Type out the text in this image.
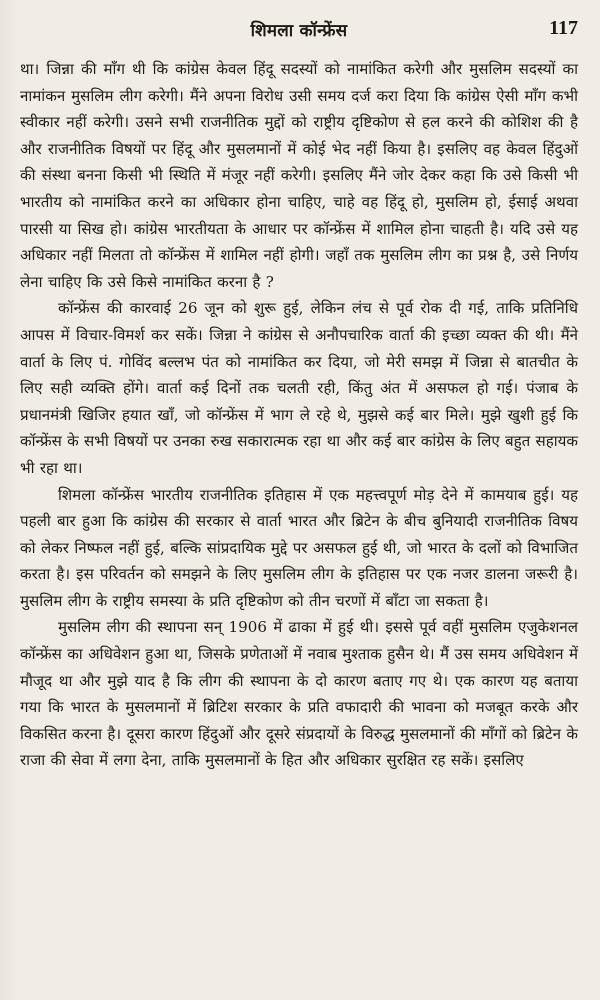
शिमला कॉन्फ्रेंस	117

था। जिन्ना की माँग थी कि कांग्रेस केवल हिंदू सदस्यों को नामांकित करेगी और मुसलिम सदस्यों का नामांकन मुसलिम लीग करेगी। मैंने अपना विरोध उसी समय दर्ज करा दिया कि कांग्रेस ऐसी माँग कभी स्वीकार नहीं करेगी। उसने सभी राजनीतिक मुद्दों को राष्ट्रीय दृष्टिकोण से हल करने की कोशिश की है और राजनीतिक विषयों पर हिंदू और मुसलमानों में कोई भेद नहीं किया है। इसलिए वह केवल हिंदुओं की संस्था बनना किसी भी स्थिति में मंजूर नहीं करेगी। इसलिए मैंने जोर देकर कहा कि उसे किसी भी भारतीय को नामांकित करने का अधिकार होना चाहिए, चाहे वह हिंदू हो, मुसलिम हो, ईसाई अथवा पारसी या सिख हो। कांग्रेस भारतीयता के आधार पर कॉन्फ्रेंस में शामिल होना चाहती है। यदि उसे यह अधिकार नहीं मिलता तो कॉन्फ्रेंस में शामिल नहीं होगी। जहाँ तक मुसलिम लीग का प्रश्न है, उसे निर्णय लेना चाहिए कि उसे किसे नामांकित करना है ?

कॉन्फ्रेंस की कारवाई 26 जून को शुरू हुई, लेकिन लंच से पूर्व रोक दी गई, ताकि प्रतिनिधि आपस में विचार-विमर्श कर सकें। जिन्ना ने कांग्रेस से अनौपचारिक वार्ता की इच्छा व्यक्त की थी। मैंने वार्ता के लिए पं. गोविंद बल्लभ पंत को नामांकित कर दिया, जो मेरी समझ में जिन्ना से बातचीत के लिए सही व्यक्ति होंगे। वार्ता कई दिनों तक चलती रही, किंतु अंत में असफल हो गई। पंजाब के प्रधानमंत्री खिजिर हयात खाँ, जो कॉन्फ्रेंस में भाग ले रहे थे, मुझसे कई बार मिले। मुझे खुशी हुई कि कॉन्फ्रेंस के सभी विषयों पर उनका रुख सकारात्मक रहा था और कई बार कांग्रेस के लिए बहुत सहायक भी रहा था।

शिमला कॉन्फ्रेंस भारतीय राजनीतिक इतिहास में एक महत्त्वपूर्ण मोड़ देने में कामयाब हुई। यह पहली बार हुआ कि कांग्रेस की सरकार से वार्ता भारत और ब्रिटेन के बीच बुनियादी राजनीतिक विषय को लेकर निष्फल नहीं हुई, बल्कि सांप्रदायिक मुद्दे पर असफल हुई थी, जो भारत के दलों को विभाजित करता है। इस परिवर्तन को समझने के लिए मुसलिम लीग के इतिहास पर एक नजर डालना जरूरी है। मुसलिम लीग के राष्ट्रीय समस्या के प्रति दृष्टिकोण को तीन चरणों में बाँटा जा सकता है।

मुसलिम लीग की स्थापना सन् 1906 में ढाका में हुई थी। इससे पूर्व वहीं मुसलिम एजुकेशनल कॉन्फ्रेंस का अधिवेशन हुआ था, जिसके प्रणेताओं में नवाब मुश्ताक हुसैन थे। मैं उस समय अधिवेशन में मौजूद था और मुझे याद है कि लीग की स्थापना के दो कारण बताए गए थे। एक कारण यह बताया गया कि भारत के मुसलमानों में ब्रिटिश सरकार के प्रति वफादारी की भावना को मजबूत करके और विकसित करना है। दूसरा कारण हिंदुओं और दूसरे संप्रदायों के विरुद्ध मुसलमानों की माँगों को ब्रिटेन के राजा की सेवा में लगा देना, ताकि मुसलमानों के हित और अधिकार सुरक्षित रह सकें। इसलिए
